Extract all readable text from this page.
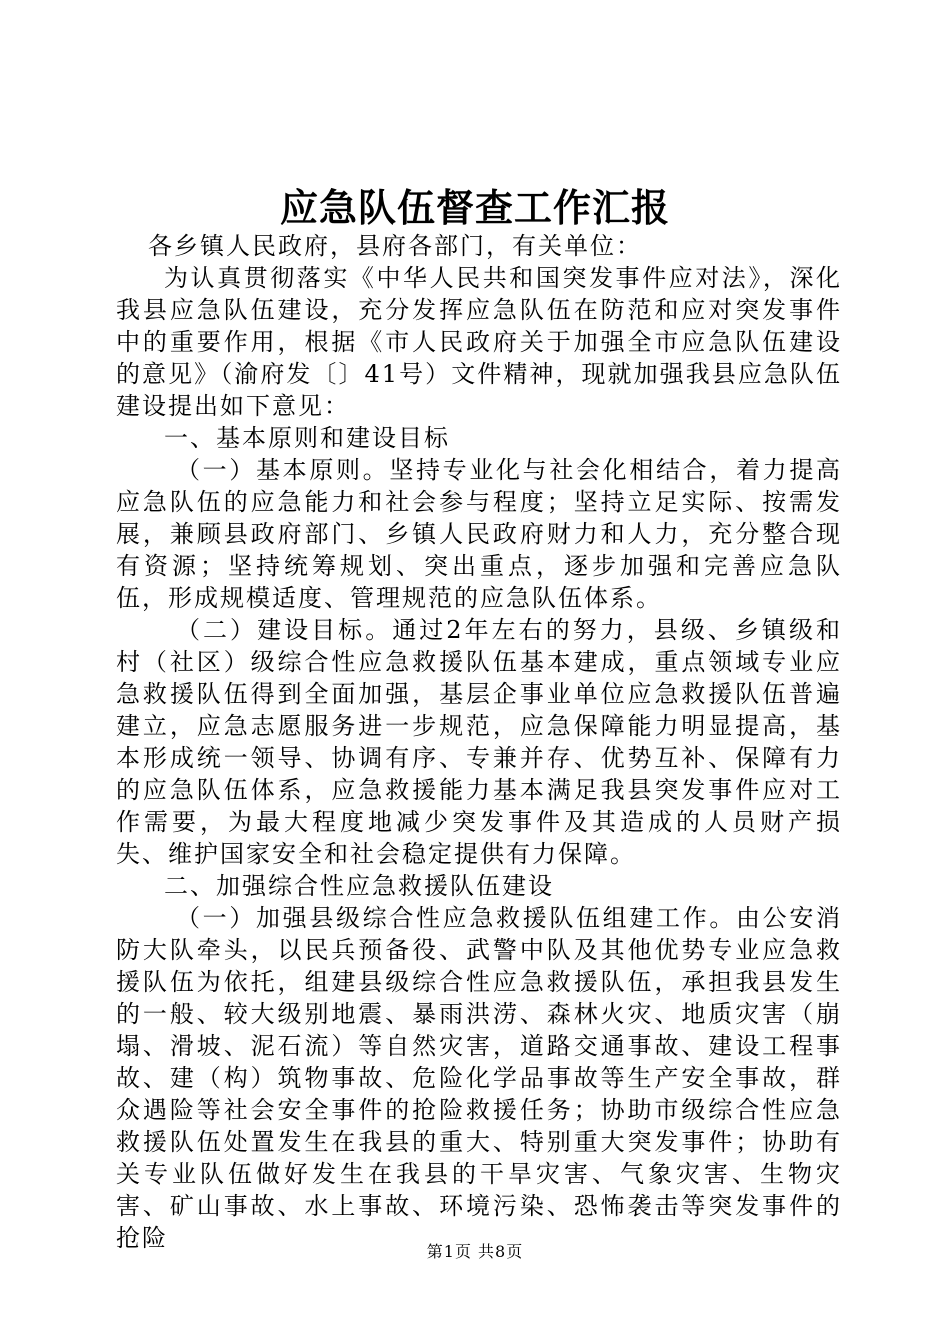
应急队伍督查工作汇报

各乡镇人民政府，县府各部门，有关单位：

为认真贯彻落实《中华人民共和国突发事件应对法》，深化我县应急队伍建设，充分发挥应急队伍在防范和应对突发事件中的重要作用，根据《市人民政府关于加强全市应急队伍建设的意见》（渝府发〔〕41号）文件精神，现就加强我县应急队伍建设提出如下意见：

一、基本原则和建设目标

（一）基本原则。坚持专业化与社会化相结合，着力提高应急队伍的应急能力和社会参与程度；坚持立足实际、按需发展，兼顾县政府部门、乡镇人民政府财力和人力，充分整合现有资源；坚持统筹规划、突出重点，逐步加强和完善应急队伍，形成规模适度、管理规范的应急队伍体系。

（二）建设目标。通过2年左右的努力，县级、乡镇级和村（社区）级综合性应急救援队伍基本建成，重点领域专业应急救援队伍得到全面加强，基层企事业单位应急救援队伍普遍建立，应急志愿服务进一步规范，应急保障能力明显提高，基本形成统一领导、协调有序、专兼并存、优势互补、保障有力的应急队伍体系，应急救援能力基本满足我县突发事件应对工作需要，为最大程度地减少突发事件及其造成的人员财产损失、维护国家安全和社会稳定提供有力保障。

二、加强综合性应急救援队伍建设

（一）加强县级综合性应急救援队伍组建工作。由公安消防大队牵头，以民兵预备役、武警中队及其他优势专业应急救援队伍为依托，组建县级综合性应急救援队伍，承担我县发生的一般、较大级别地震、暴雨洪涝、森林火灾、地质灾害（崩塌、滑坡、泥石流）等自然灾害，道路交通事故、建设工程事故、建（构）筑物事故、危险化学品事故等生产安全事故，群众遇险等社会安全事件的抢险救援任务；协助市级综合性应急救援队伍处置发生在我县的重大、特别重大突发事件；协助有关专业队伍做好发生在我县的干旱灾害、气象灾害、生物灾害、矿山事故、水上事故、环境污染、恐怖袭击等突发事件的抢险	第1页 共8页
